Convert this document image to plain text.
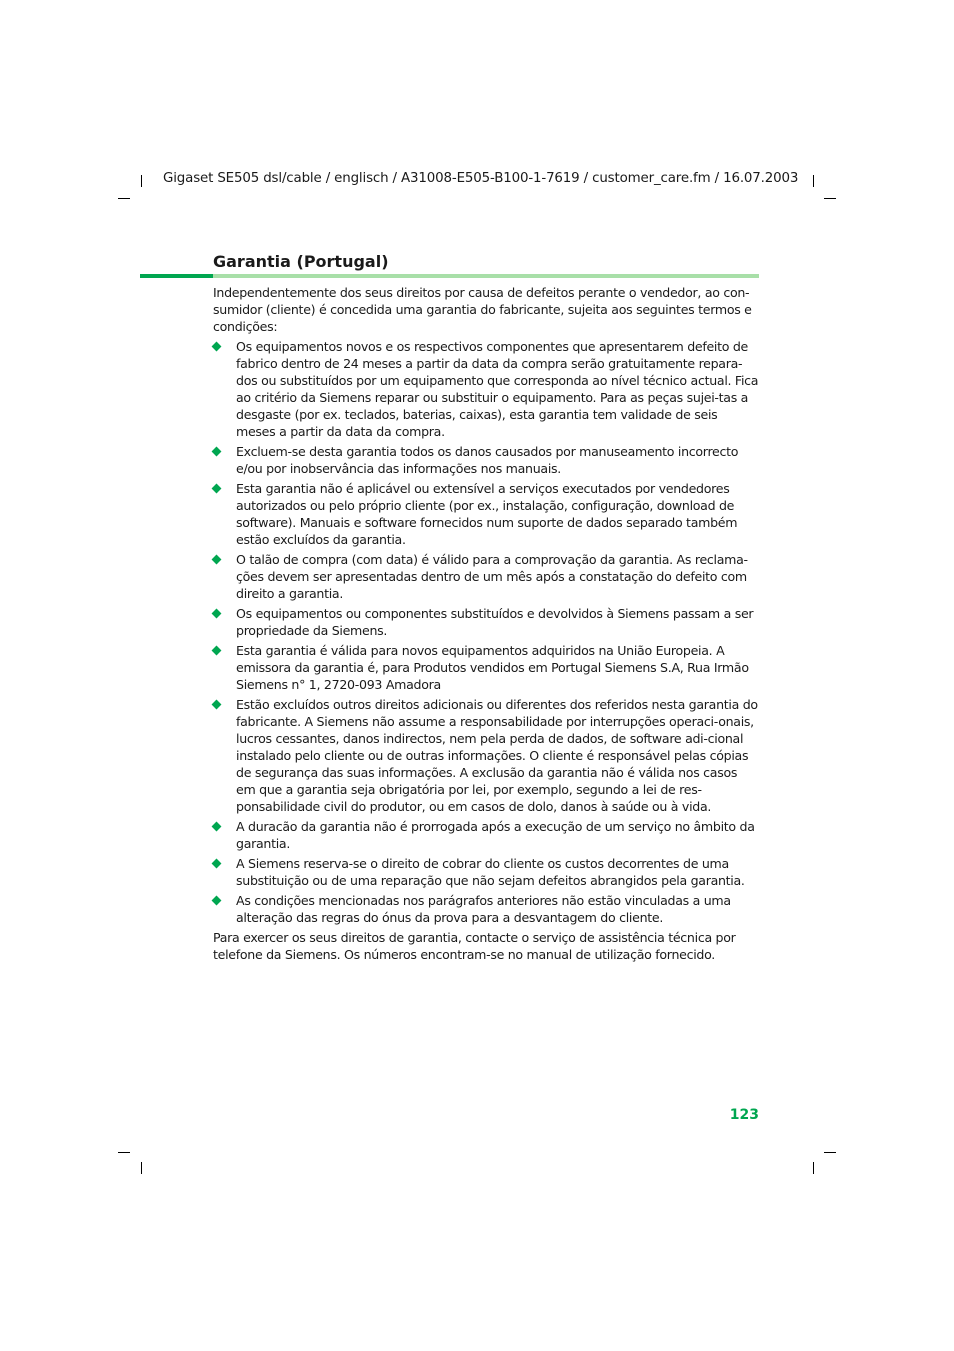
Gigaset SE505 dsl/cable / englisch / A31008-E505-B100-1-7619 / customer_care.fm / 16.07.2003
Garantia (Portugal)

Independentemente dos seus direitos por causa de defeitos perante o vendedor, ao con-sumidor (cliente) é concedida uma garantia do fabricante, sujeita aos seguintes termos e condições:

Os equipamentos novos e os respectivos componentes que apresentarem defeito de fabrico dentro de 24 meses a partir da data da compra serão gratuitamente repara-dos ou substituídos por um equipamento que corresponda ao nível técnico actual. Fica ao critério da Siemens reparar ou substituir o equipamento. Para as peças sujei-tas a desgaste (por ex. teclados, baterias, caixas), esta garantia tem validade de seis meses a partir da data da compra.
Excluem-se desta garantia todos os danos causados por manuseamento incorrecto e/ou por inobservância das informações nos manuais.
Esta garantia não é aplicável ou extensível a serviços executados por vendedores autorizados ou pelo próprio cliente (por ex., instalação, configuração, download de software). Manuais e software fornecidos num suporte de dados separado também estão excluídos da garantia.
O talão de compra (com data) é válido para a comprovação da garantia. As reclama-ções devem ser apresentadas dentro de um mês após a constatação do defeito com direito a garantia.
Os equipamentos ou componentes substituídos e devolvidos à Siemens passam a ser propriedade da Siemens.
Esta garantia é válida para novos equipamentos adquiridos na União Europeia. A emissora da garantia é, para Produtos vendidos em Portugal Siemens S.A, Rua Irmão Siemens n° 1, 2720-093 Amadora
Estão excluídos outros direitos adicionais ou diferentes dos referidos nesta garantia do fabricante. A Siemens não assume a responsabilidade por interrupções operaci-onais, lucros cessantes, danos indirectos, nem pela perda de dados, de software adi-cional instalado pelo cliente ou de outras informações. O cliente é responsável pelas cópias de segurança das suas informações. A exclusão da garantia não é válida nos casos em que a garantia seja obrigatória por lei, por exemplo, segundo a lei de res-ponsabilidade civil do produtor, ou em casos de dolo, danos à saúde ou à vida.
A duracão da garantia não é prorrogada após a execução de um serviço no âmbito da garantia.
A Siemens reserva-se o direito de cobrar do cliente os custos decorrentes de uma substituição ou de uma reparação que não sejam defeitos abrangidos pela garantia.
As condições mencionadas nos parágrafos anteriores não estão vinculadas a uma alteração das regras do ónus da prova para a desvantagem do cliente.

Para exercer os seus direitos de garantia, contacte o serviço de assistência técnica por telefone da Siemens. Os números encontram-se no manual de utilização fornecido.

123
